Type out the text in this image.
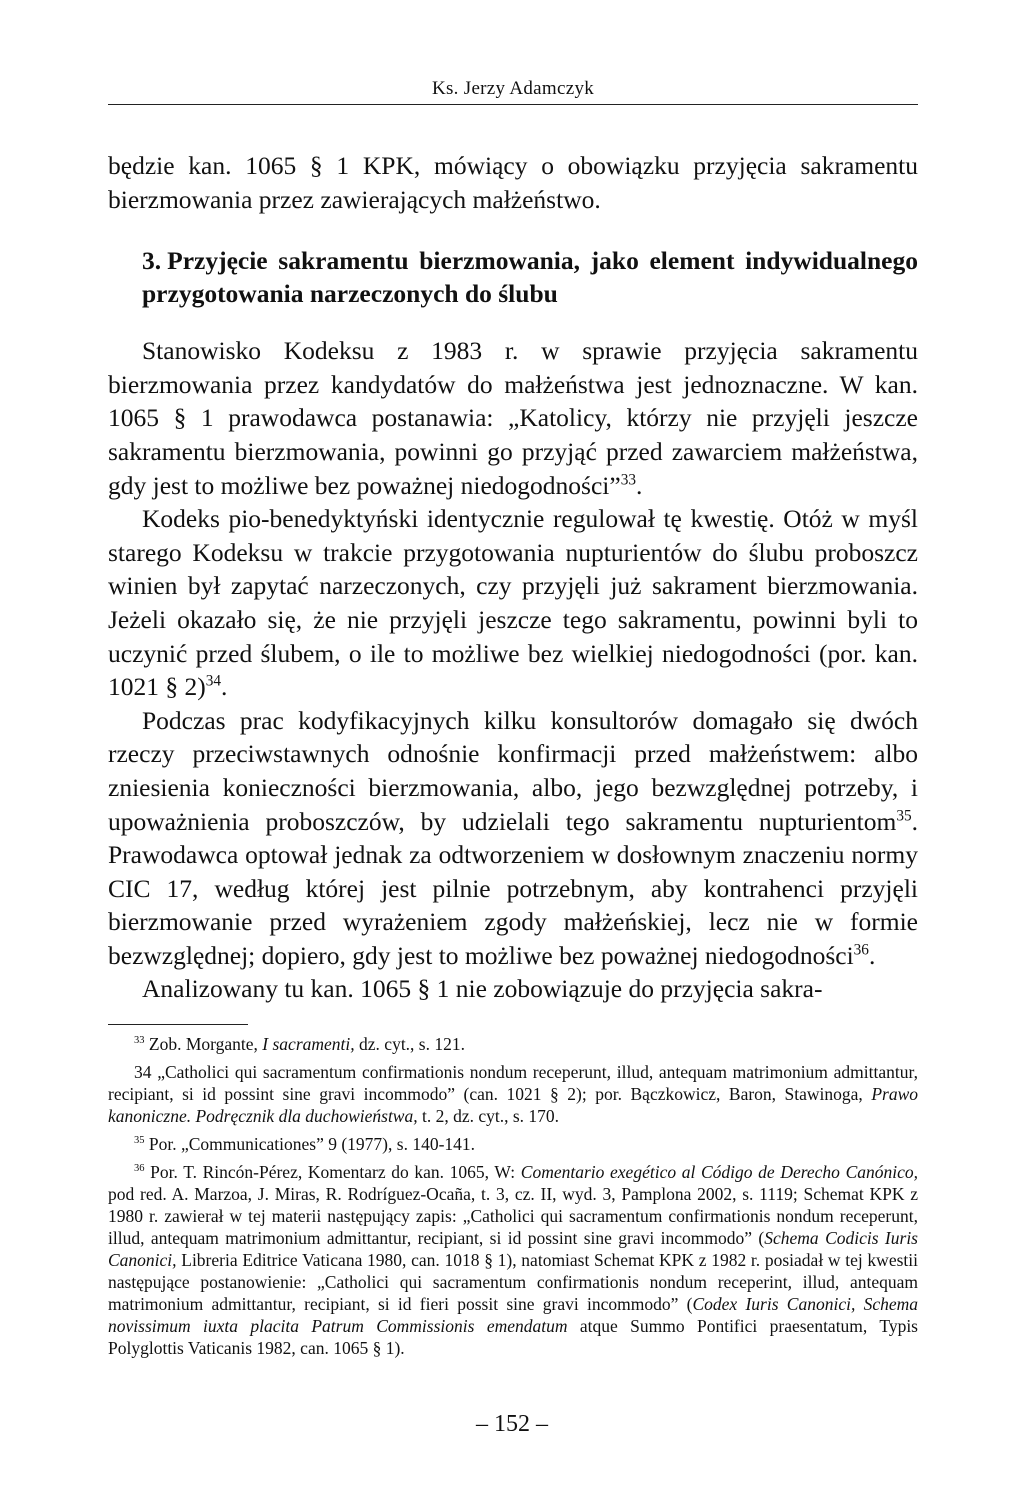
Ks. Jerzy Adamczyk

będzie kan. 1065 § 1 KPK, mówiący o obowiązku przyjęcia sakramentu bierzmowania przez zawierających małżeństwo.

3. Przyjęcie sakramentu bierzmowania, jako element indywidualnego przygotowania narzeczonych do ślubu

Stanowisko Kodeksu z 1983 r. w sprawie przyjęcia sakramentu bierzmowania przez kandydatów do małżeństwa jest jednoznaczne. W kan. 1065 § 1 prawodawca postanawia: „Katolicy, którzy nie przyjęli jeszcze sakramentu bierzmowania, powinni go przyjąć przed zawarciem małżeństwa, gdy jest to możliwe bez poważnej niedogodności”$^{33}$.

Kodeks pio-benedyktyński identycznie regulował tę kwestię. Otóż w myśl starego Kodeksu w trakcie przygotowania nupturientów do ślubu proboszcz winien był zapytać narzeczonych, czy przyjęli już sakrament bierzmowania. Jeżeli okazało się, że nie przyjęli jeszcze tego sakramentu, powinni byli to uczynić przed ślubem, o ile to możliwe bez wielkiej niedogodności (por. kan. 1021 § 2)$^{34}$.

Podczas prac kodyfikacyjnych kilku konsultorów domagało się dwóch rzeczy przeciwstawnych odnośnie konfirmacji przed małżeństwem: albo zniesienia konieczności bierzmowania, albo, jego bezwzględnej potrzeby, i upoważnienia proboszczów, by udzielali tego sakramentu nupturientom$^{35}$. Prawodawca optował jednak za odtworzeniem w dosłownym znaczeniu normy CIC 17, według której jest pilnie potrzebnym, aby kontrahenci przyjęli bierzmowanie przed wyrażeniem zgody małżeńskiej, lecz nie w formie bezwzględnej; dopiero, gdy jest to możliwe bez poważnej niedogodności$^{36}$.

Analizowany tu kan. 1065 § 1 nie zobowiązuje do przyjęcia sakra-

$^{33}$ Zob. Morgante, I sacramenti, dz. cyt., s. 121.

34 „Catholici qui sacramentum confirmationis nondum receperunt, illud, antequam matrimonium admittantur, recipiant, si id possint sine gravi incommodo” (can. 1021 § 2); por. Bączkowicz, Baron, Stawinoga, Prawo kanoniczne. Podręcznik dla duchowieństwa, t. 2, dz. cyt., s. 170.

$^{35}$ Por. „Communicationes” 9 (1977), s. 140-141.

$^{36}$ Por. T. Rincón-Pérez, Komentarz do kan. 1065, W: Comentario exegético al Código de Derecho Canónico, pod red. A. Marzoa, J. Miras, R. Rodríguez-Ocaña, t. 3, cz. II, wyd. 3, Pamplona 2002, s. 1119; Schemat KPK z 1980 r. zawierał w tej materii następujący zapis: „Catholici qui sacramentum confirmationis nondum receperunt, illud, antequam matrimonium admittantur, recipiant, si id possint sine gravi incommodo” (Schema Codicis Iuris Canonici, Libreria Editrice Vaticana 1980, can. 1018 § 1), natomiast Schemat KPK z 1982 r. posiadał w tej kwestii następujące postanowienie: „Catholici qui sacramentum confirmationis nondum receperint, illud, antequam matrimonium admittantur, recipiant, si id fieri possit sine gravi incommodo” (Codex Iuris Canonici, Schema novissimum iuxta placita Patrum Commissionis emendatum atque Summo Pontifici praesentatum, Typis Polyglottis Vaticanis 1982, can. 1065 § 1).

– 152 –
